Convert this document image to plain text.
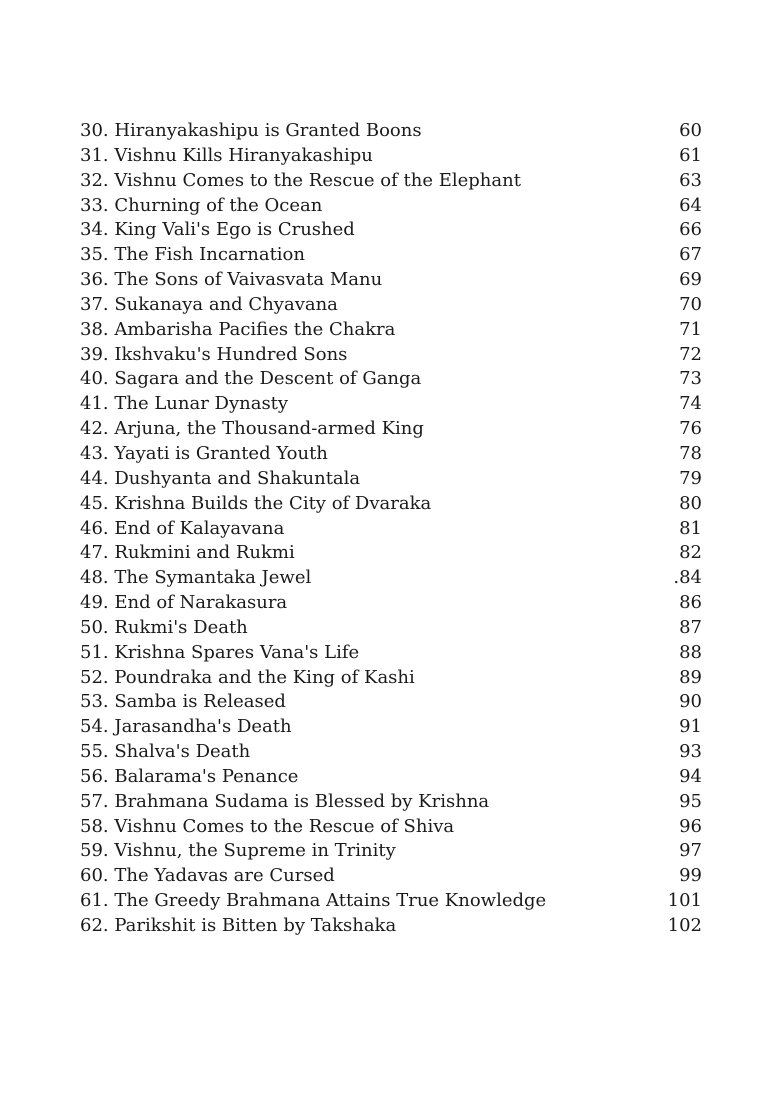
30. Hiranyakashipu is Granted Boons	60
31. Vishnu Kills Hiranyakashipu	61
32. Vishnu Comes to the Rescue of the Elephant	63
33. Churning of the Ocean	64
34. King Vali's Ego is Crushed	66
35. The Fish Incarnation	67
36. The Sons of Vaivasvata Manu	69
37. Sukanaya and Chyavana	70
38. Ambarisha Pacifies the Chakra	71
39. Ikshvaku's Hundred Sons	72
40. Sagara and the Descent of Ganga	73
41. The Lunar Dynasty	74
42. Arjuna, the Thousand-armed King	76
43. Yayati is Granted Youth	78
44. Dushyanta and Shakuntala	79
45. Krishna Builds the City of Dvaraka	80
46. End of Kalayavana	81
47. Rukmini and Rukmi	82
48. The Symantaka Jewel	.84
49. End of Narakasura	86
50. Rukmi's Death	87
51. Krishna Spares Vana's Life	88
52. Poundraka and the King of Kashi	89
53. Samba is Released	90
54. Jarasandha's Death	91
55. Shalva's Death	93
56. Balarama's Penance	94
57. Brahmana Sudama is Blessed by Krishna	95
58. Vishnu Comes to the Rescue of Shiva	96
59. Vishnu, the Supreme in Trinity	97
60. The Yadavas are Cursed	99
61. The Greedy Brahmana Attains True Knowledge	101
62. Parikshit is Bitten by Takshaka	102
